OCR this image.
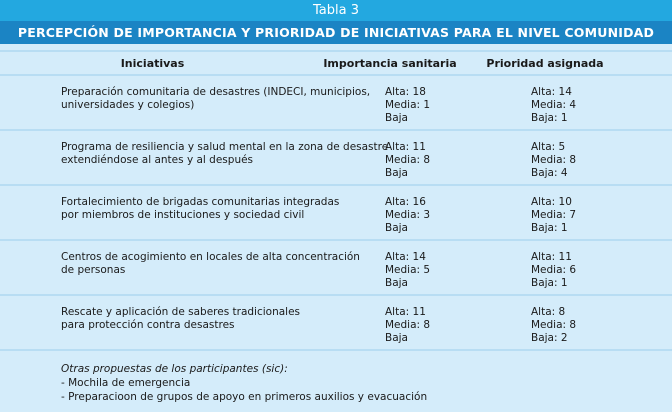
Tabla 3
PERCEPCIÓN DE IMPORTANCIA Y PRIORIDAD DE INICIATIVAS PARA EL NIVEL COMUNIDAD
Iniciativas	Importancia sanitaria	Prioridad asignada
Preparación comunitaria de desastres (INDECI, municipios,
universidades y colegios)
Alta: 18
Media: 1
Baja
Alta: 14
Media: 4
Baja: 1
Programa de resiliencia y salud mental en la zona de desastre
extendiéndose al antes y al después
Alta: 11
Media: 8
Baja
Alta: 5
Media: 8
Baja: 4
Fortalecimiento de brigadas comunitarias integradas
por miembros de instituciones y sociedad civil
Alta: 16
Media: 3
Baja
Alta: 10
Media: 7
Baja: 1
Centros de acogimiento en locales de alta concentración
de personas
Alta: 14
Media: 5
Baja
Alta: 11
Media: 6
Baja: 1
Rescate y aplicación de saberes tradicionales
para protección contra desastres
Alta: 11
Media: 8
Baja
Alta: 8
Media: 8
Baja: 2
Otras propuestas de los participantes (sic):
- Mochila de emergencia
- Preparacioon de grupos de apoyo en primeros auxilios y evacuación
